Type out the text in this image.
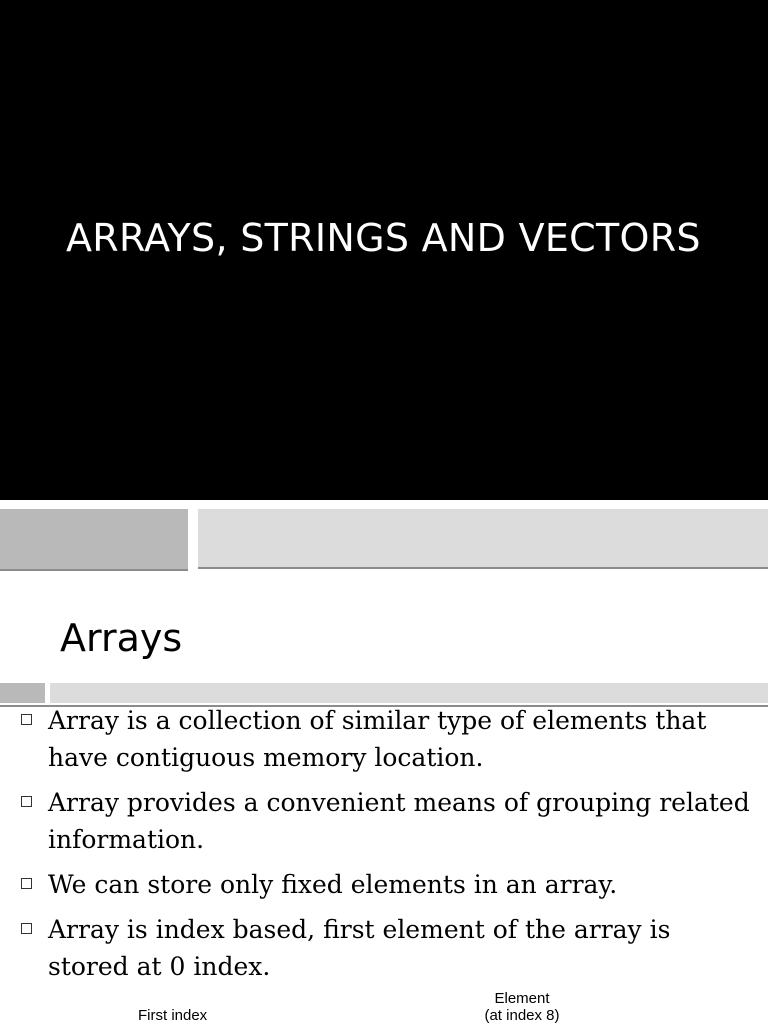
ARRAYS, STRINGS AND VECTORS
Arrays
Array is a collection of similar type of elements that have contiguous memory location.
Array provides a convenient means of grouping related information.
We can store only fixed elements in an array.
Array is index based, first element of the array is stored at 0 index.
First index
Element
(at index 8)
